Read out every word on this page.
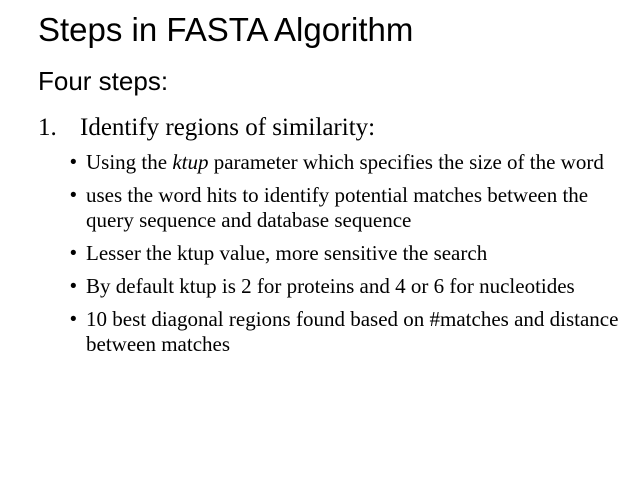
Steps in FASTA Algorithm
Four steps:
1. Identify regions of similarity:
• Using the ktup parameter which specifies the size of the word
• uses the word hits to identify potential matches between the query sequence and database sequence
• Lesser the ktup value, more sensitive the search
• By default ktup is 2 for proteins and 4 or 6 for nucleotides
• 10 best diagonal regions found based on #matches and distance between matches
